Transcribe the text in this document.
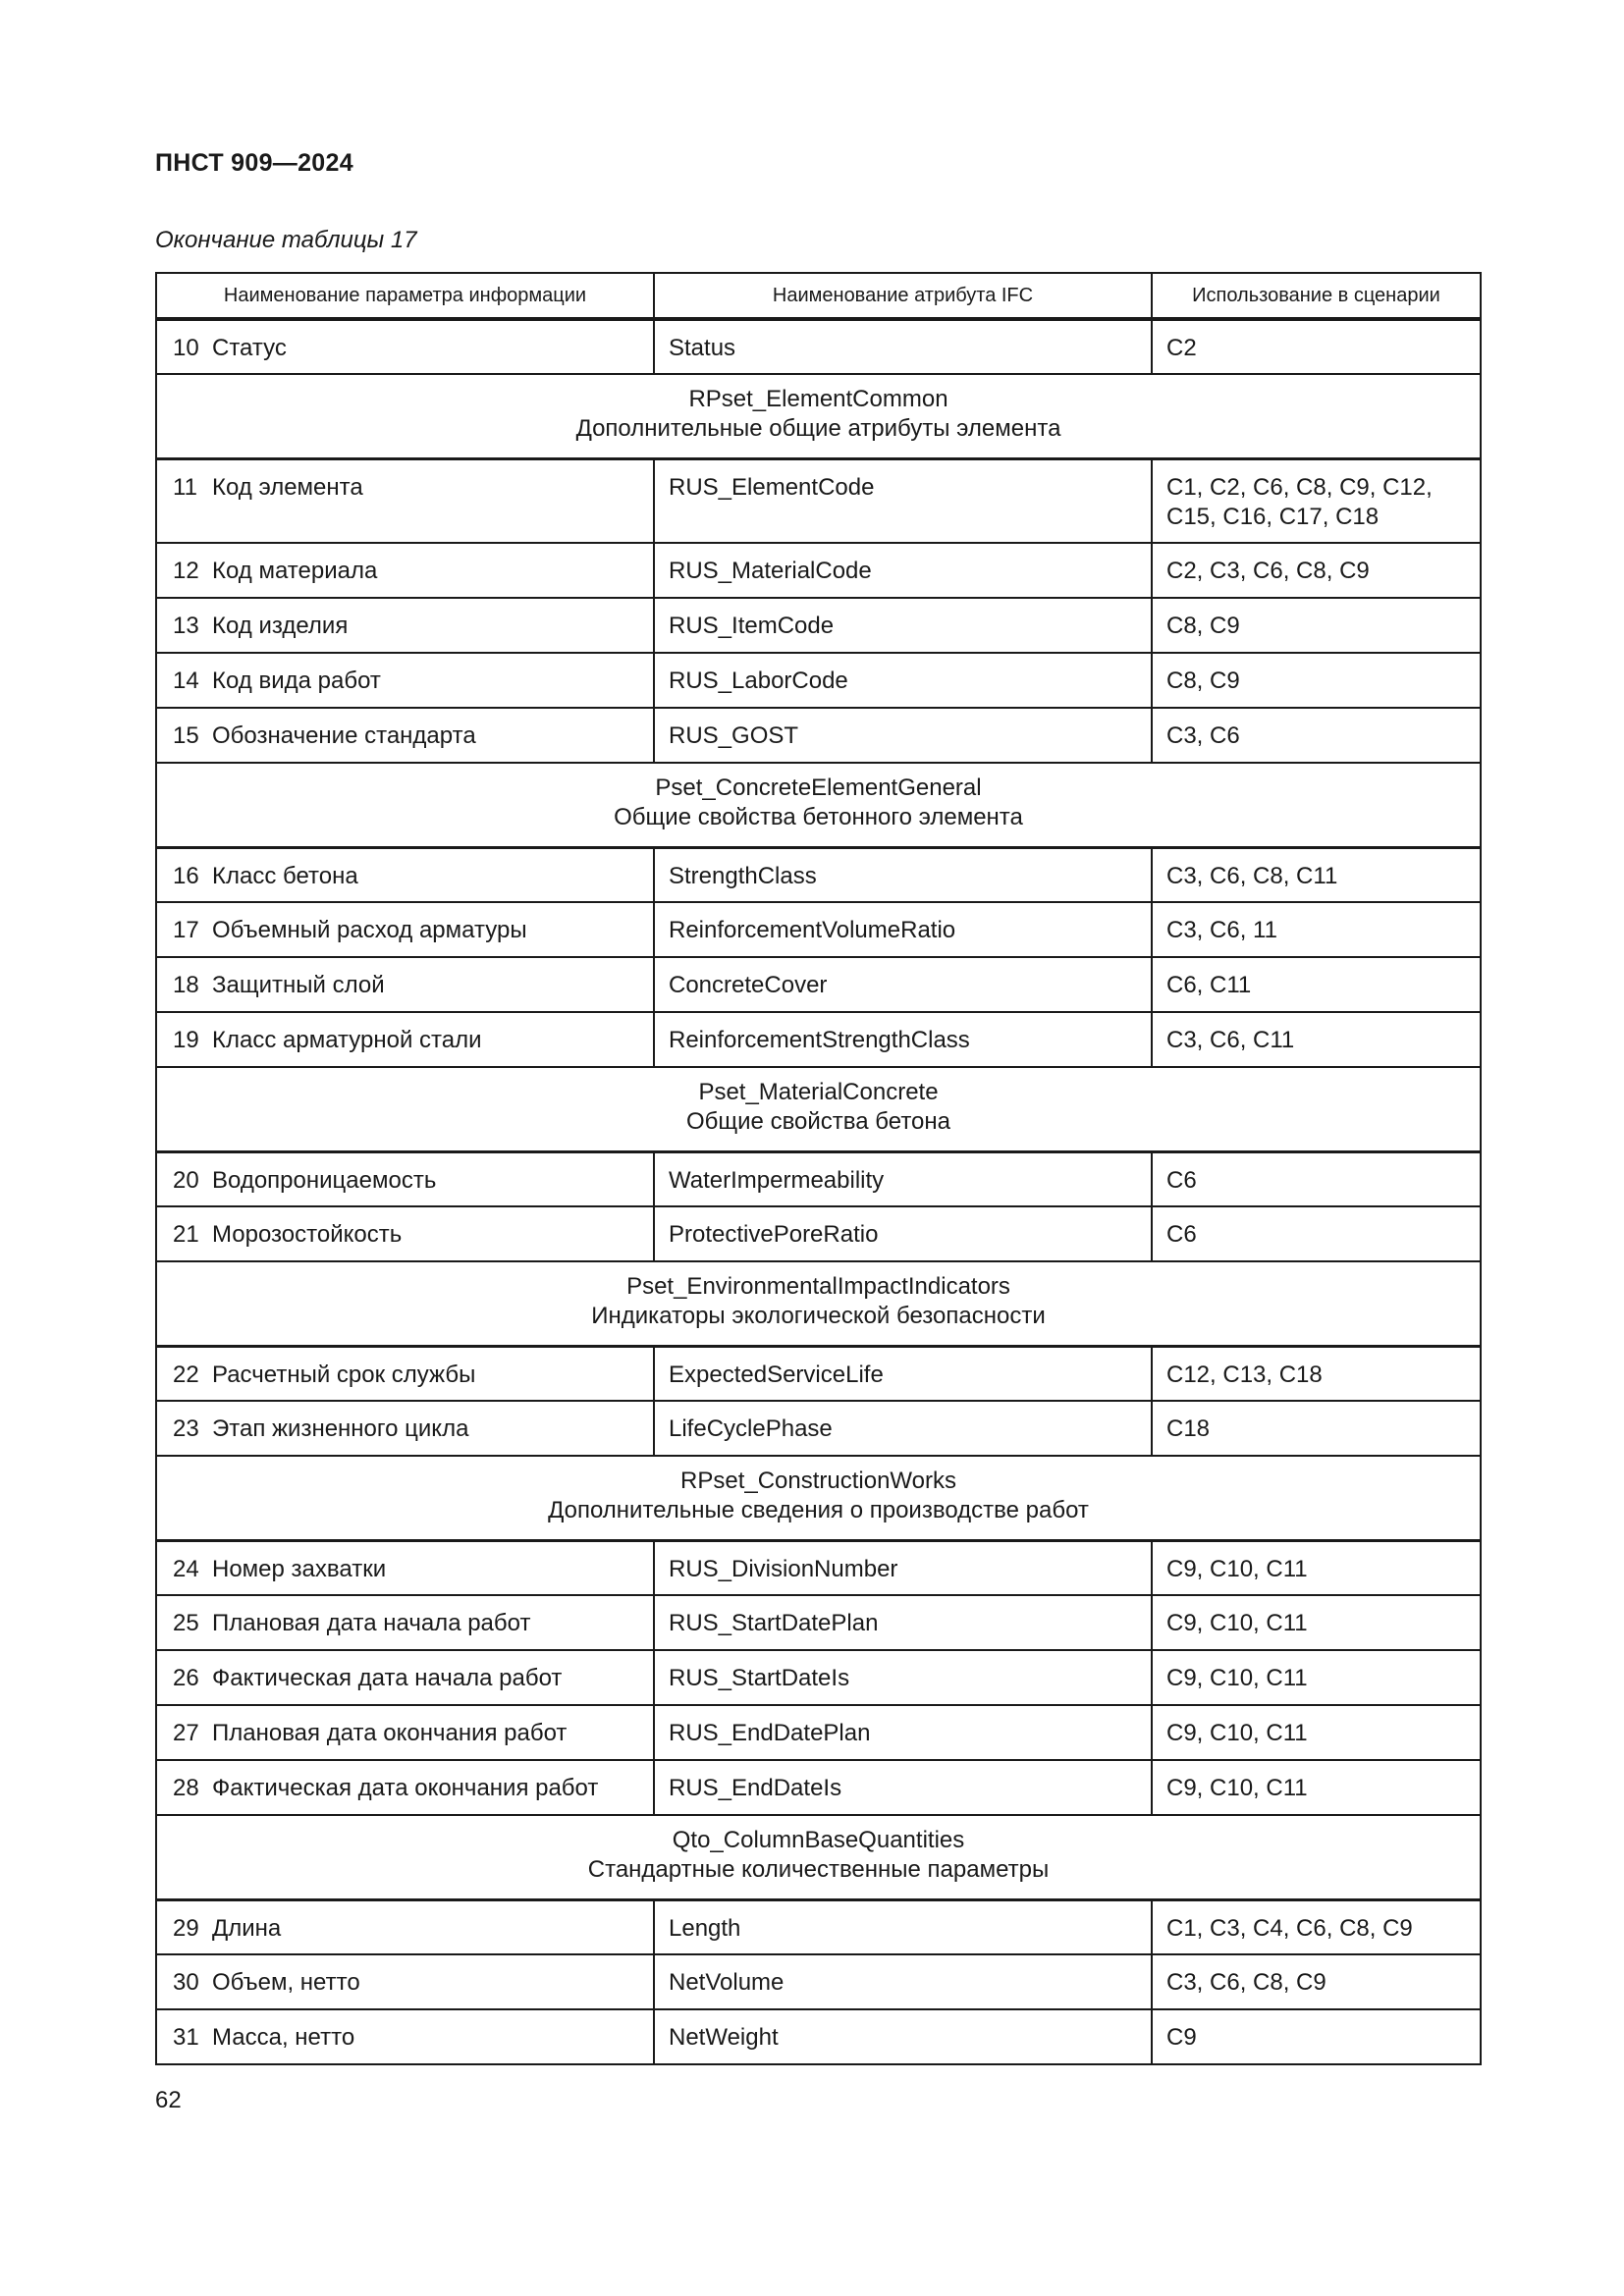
ПНСТ 909—2024
Окончание таблицы 17
Наименование параметра информации	Наименование атрибута IFC	Использование в сценарии
10 Статус	Status	С2

RPset_ElementCommon
Дополнительные общие атрибуты элемента		

11 Код элемента	RUS_ElementCode	С1, С2, С6, С8, С9, С12, С15, С16, С17, С18
12 Код материала	RUS_MaterialCode	С2, С3, С6, С8, С9
13 Код изделия	RUS_ItemCode	С8, С9
14 Код вида работ	RUS_LaborCode	С8, С9
15 Обозначение стандарта	RUS_GOST	С3, С6

Pset_ConcreteElementGeneral
Общие свойства бетонного элемента		

16 Класс бетона	StrengthClass	С3, С6, С8, С11
17 Объемный расход арматуры	ReinforcementVolumeRatio	С3, С6, 11
18 Защитный слой	ConcreteCover	С6, С11
19 Класс арматурной стали	ReinforcementStrengthClass	С3, С6, С11

Pset_MaterialConcrete
Общие свойства бетона		

20 Водопроницаемость	WaterImpermeability	С6
21 Морозостойкость	ProtectivePoreRatio	С6

Pset_EnvironmentalImpactIndicators
Индикаторы экологической безопасности		

22 Расчетный срок службы	ExpectedServiceLife	С12, С13, С18
23 Этап жизненного цикла	LifeCyclePhase	С18

RPset_ConstructionWorks
Дополнительные сведения о производстве работ		

24 Номер захватки	RUS_DivisionNumber	С9, С10, С11
25 Плановая дата начала работ	RUS_StartDatePlan	С9, С10, С11
26 Фактическая дата начала работ	RUS_StartDateIs	С9, С10, С11
27 Плановая дата окончания работ	RUS_EndDatePlan	С9, С10, С11
28 Фактическая дата окончания работ	RUS_EndDateIs	С9, С10, С11

Qto_ColumnBaseQuantities
Стандартные количественные параметры		

29 Длина	Length	С1, С3, С4, С6, С8, С9
30 Объем, нетто	NetVolume	С3, С6, С8, С9
31 Масса, нетто	NetWeight	С9
62
